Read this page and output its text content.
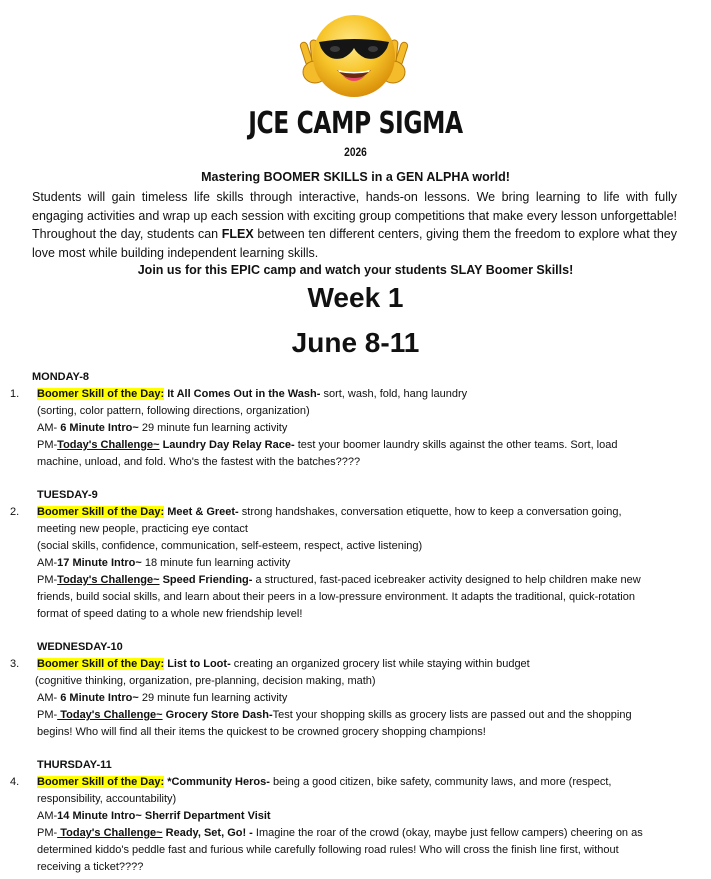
JCE CAMP SIGMA
2026
Mastering BOOMER SKILLS in a GEN ALPHA world!
Students will gain timeless life skills through interactive, hands-on lessons. We bring learning to life with fully engaging activities and wrap up each session with exciting group competitions that make every lesson unforgettable! Throughout the day, students can FLEX between ten different centers, giving them the freedom to explore what they love most while building independent learning skills.
Join us for this EPIC camp and watch your students SLAY Boomer Skills!
Week 1
June 8-11
MONDAY-8
1. Boomer Skill of the Day: It All Comes Out in the Wash- sort, wash, fold, hang laundry
(sorting, color pattern, following directions, organization)
AM- 6 Minute Intro~ 29 minute fun learning activity
PM-Today's Challenge~ Laundry Day Relay Race- test your boomer laundry skills against the other teams. Sort, load
machine, unload, and fold. Who's the fastest with the batches????
TUESDAY-9
2. Boomer Skill of the Day: Meet & Greet- strong handshakes, conversation etiquette, how to keep a conversation going,
meeting new people, practicing eye contact
(social skills, confidence, communication, self-esteem, respect, active listening)
AM-17 Minute Intro~ 18 minute fun learning activity
PM-Today's Challenge~ Speed Friending- a structured, fast-paced icebreaker activity designed to help children make new
friends, build social skills, and learn about their peers in a low-pressure environment. It adapts the traditional, quick-rotation
format of speed dating to a whole new friendship level!
WEDNESDAY-10
3. Boomer Skill of the Day: List to Loot- creating an organized grocery list while staying within budget
(cognitive thinking, organization, pre-planning, decision making, math)
AM- 6 Minute Intro~ 29 minute fun learning activity
PM- Today's Challenge~ Grocery Store Dash-Test your shopping skills as grocery lists are passed out and the shopping
begins! Who will find all their items the quickest to be crowned grocery shopping champions!
THURSDAY-11
4. Boomer Skill of the Day: *Community Heros- being a good citizen, bike safety, community laws, and more (respect,
responsibility, accountability)
AM-14 Minute Intro~ Sherrif Department Visit
PM- Today's Challenge~ Ready, Set, Go! - Imagine the roar of the crowd (okay, maybe just fellow campers) cheering on as
determined kiddo's peddle fast and furious while carefully following road rules! Who will cross the finish line first, without
receiving a ticket????
